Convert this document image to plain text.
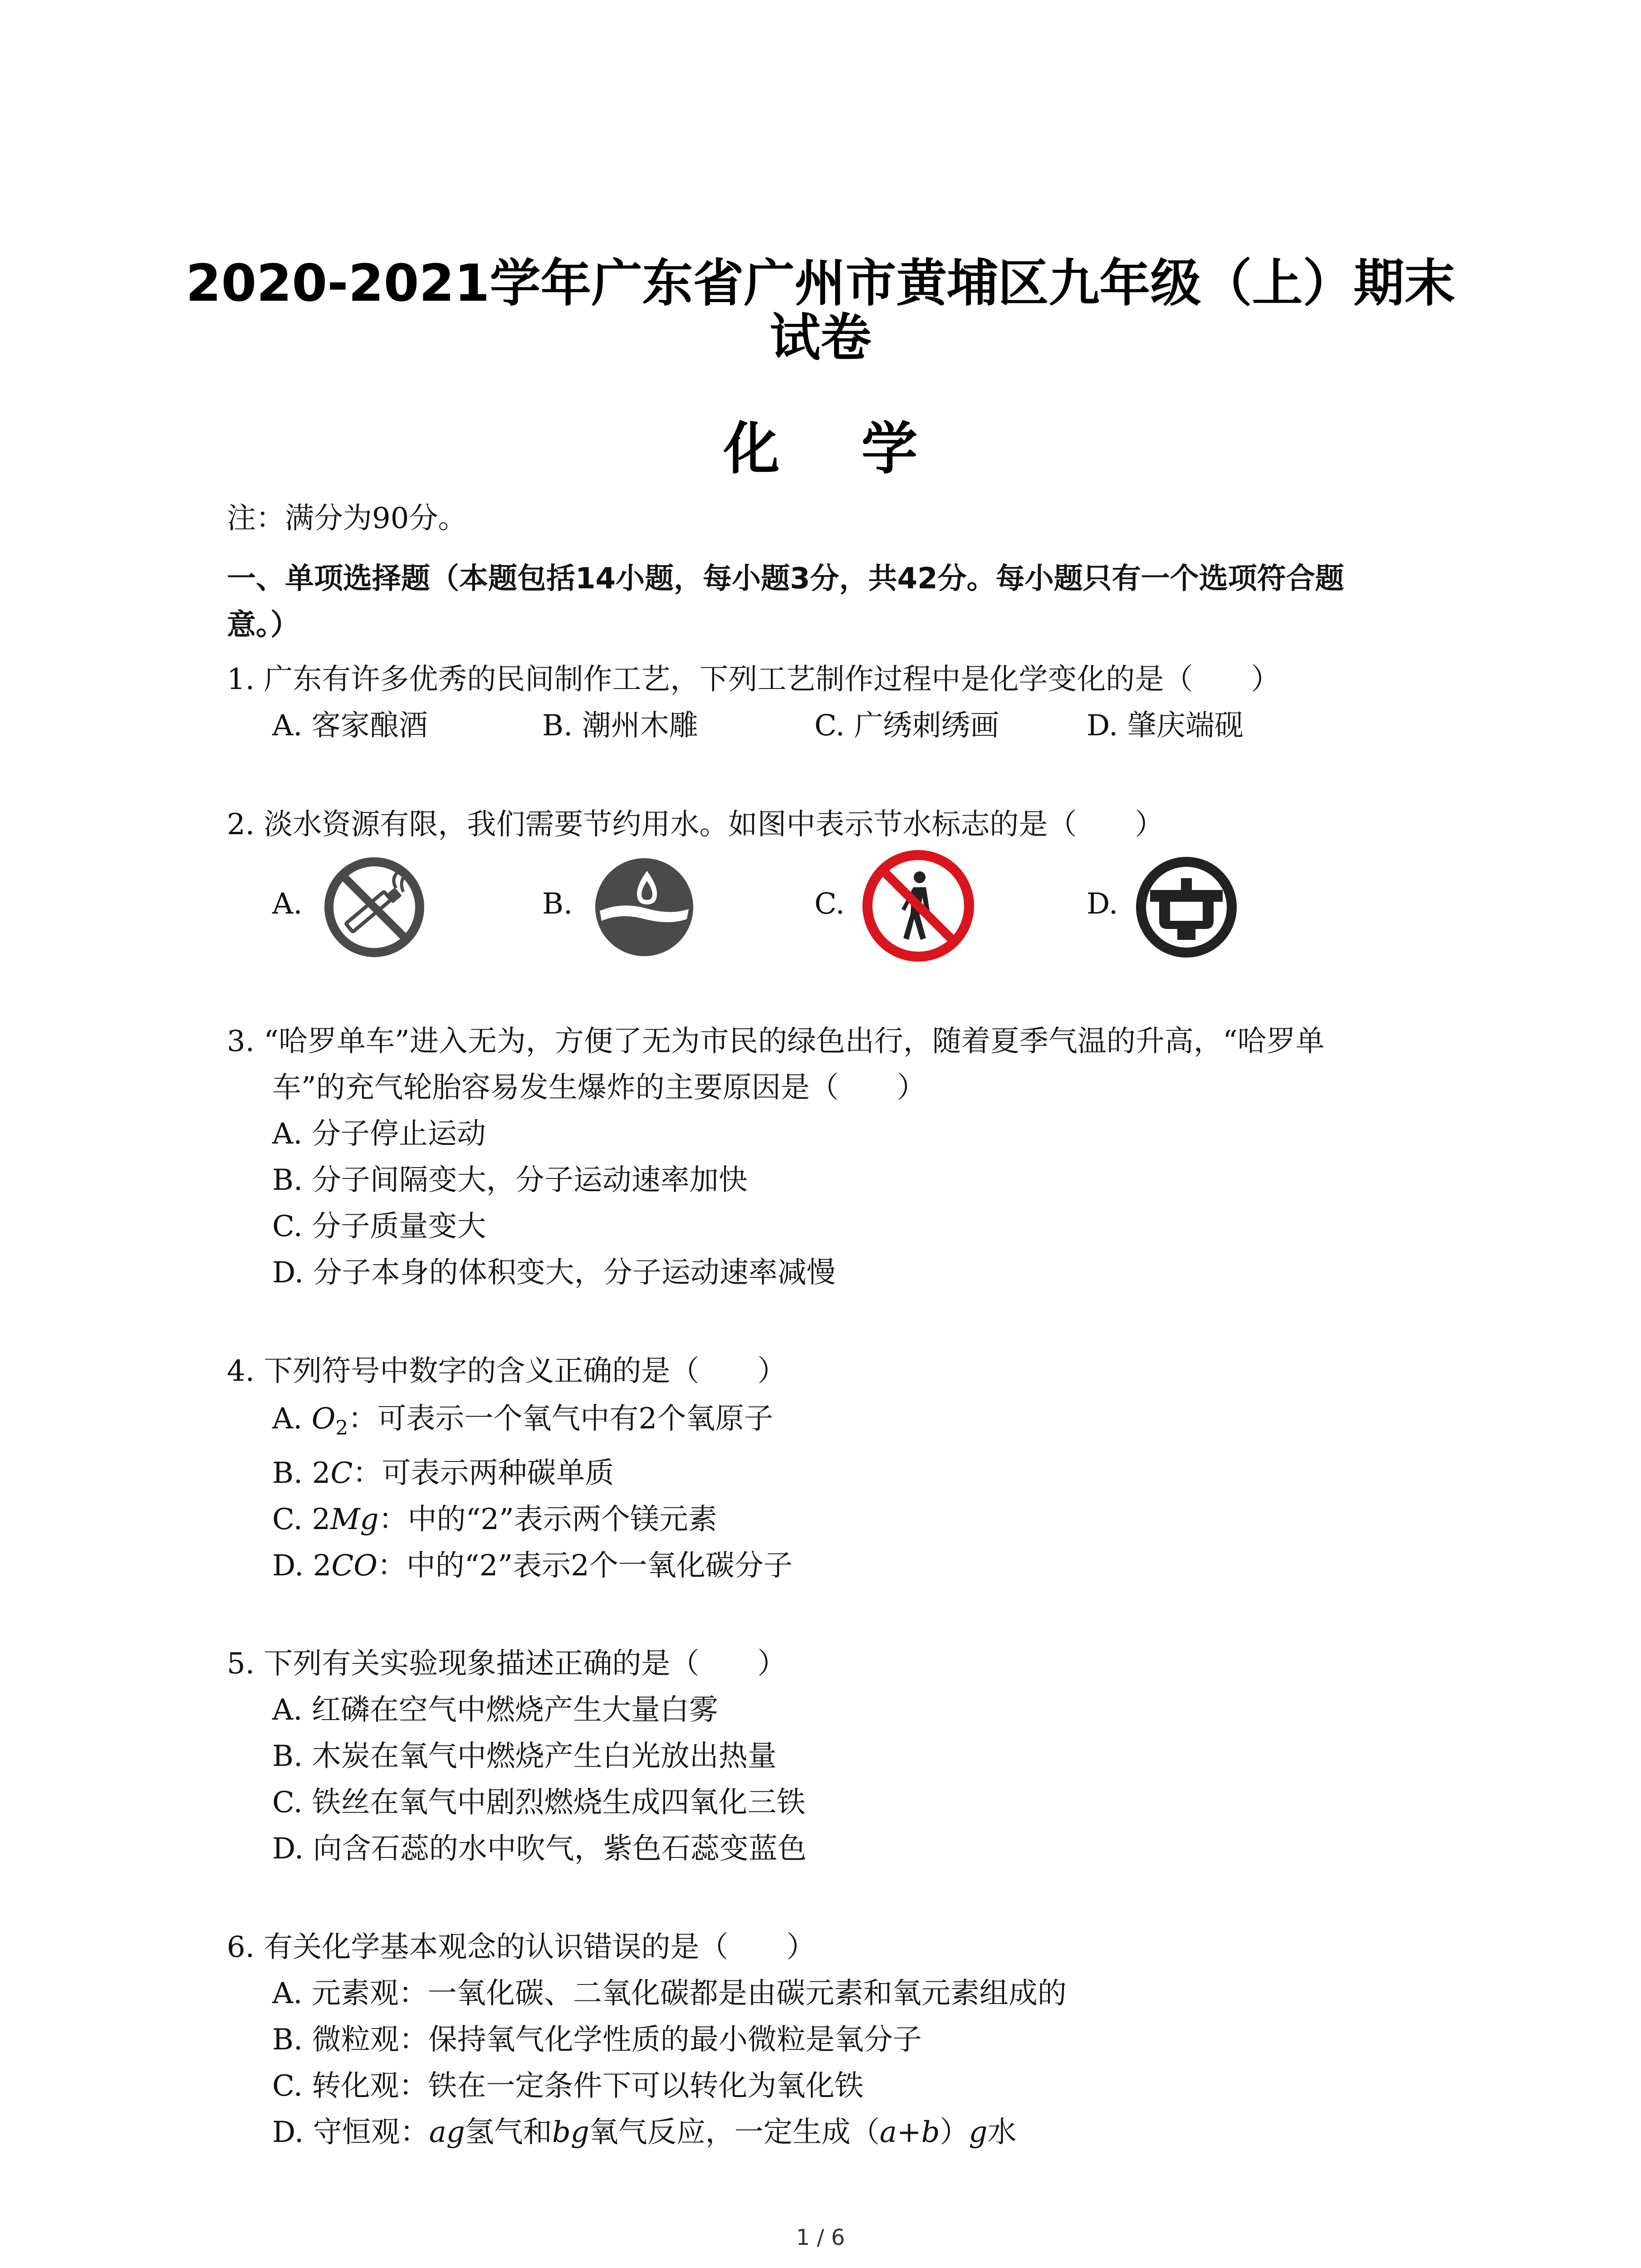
2020-2021学年广东省广州市黄埔区九年级（上）期末
试卷
化学
注：满分为90分。
一、单项选择题（本题包括14小题，每小题3分，共42分。每小题只有一个选项符合题
意。）
1. 广东有许多优秀的民间制作工艺，下列工艺制作过程中是化学变化的是（　　）
A. 客家酿酒	B. 潮州木雕	C. 广绣刺绣画	D. 肇庆端砚
2. 淡水资源有限，我们需要节约用水。如图中表示节水标志的是（　　）
A.	B.	C.	D.
3. “哈罗单车”进入无为，方便了无为市民的绿色出行，随着夏季气温的升高，“哈罗单
车”的充气轮胎容易发生爆炸的主要原因是（　　）
A. 分子停止运动
B. 分子间隔变大，分子运动速率加快
C. 分子质量变大
D. 分子本身的体积变大，分子运动速率减慢
4. 下列符号中数字的含义正确的是（　　）
A. $O_2$：可表示一个氧气中有2个氧原子
B. 2C：可表示两种碳单质
C. 2Mg：中的“2”表示两个镁元素
D. 2CO：中的“2”表示2个一氧化碳分子
5. 下列有关实验现象描述正确的是（　　）
A. 红磷在空气中燃烧产生大量白雾
B. 木炭在氧气中燃烧产生白光放出热量
C. 铁丝在氧气中剧烈燃烧生成四氧化三铁
D. 向含石蕊的水中吹气，紫色石蕊变蓝色
6. 有关化学基本观念的认识错误的是（　　）
A. 元素观：一氧化碳、二氧化碳都是由碳元素和氧元素组成的
B. 微粒观：保持氧气化学性质的最小微粒是氧分子
C. 转化观：铁在一定条件下可以转化为氧化铁
D. 守恒观：ag氢气和bg氧气反应，一定生成（a+b）g水
1 / 6
